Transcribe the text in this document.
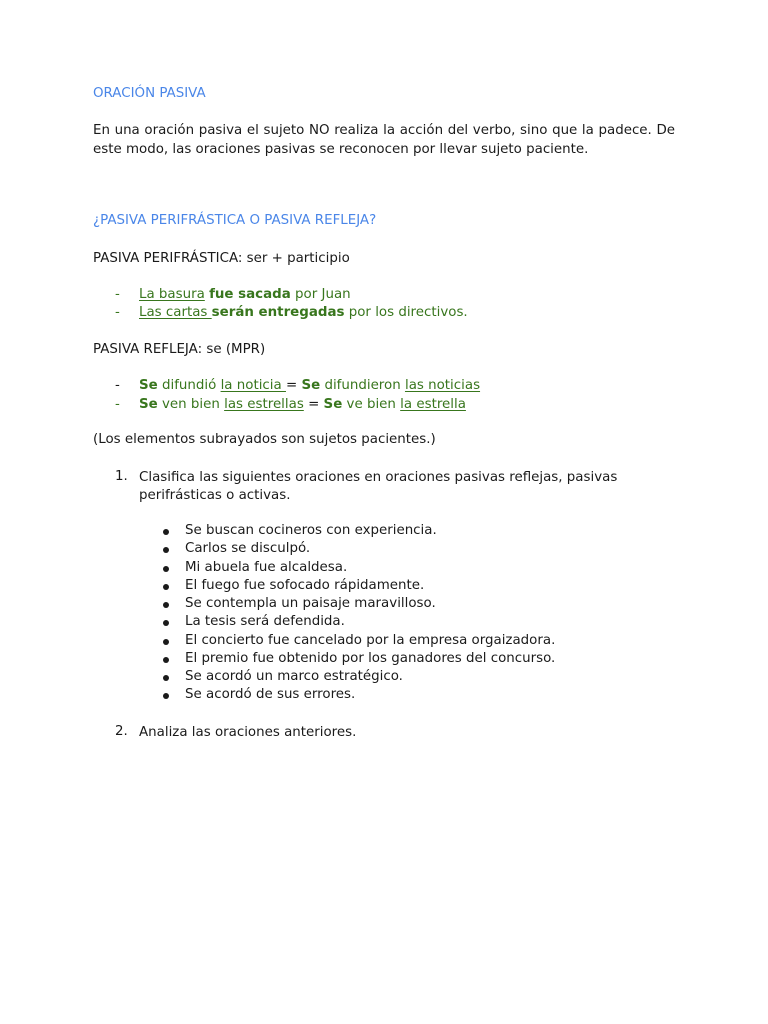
ORACIÓN PASIVA

En una oración pasiva el sujeto NO realiza la acción del verbo, sino que la padece. De este modo, las oraciones pasivas se reconocen por llevar sujeto paciente.

¿PASIVA PERIFRÁSTICA O PASIVA REFLEJA?

PASIVA PERIFRÁSTICA: ser + participio

- La basura fue sacada por Juan
- Las cartas serán entregadas por los directivos.

PASIVA REFLEJA: se (MPR)

- Se difundió la noticia = Se difundieron las noticias
- Se ven bien las estrellas = Se ve bien la estrella

(Los elementos subrayados son sujetos pacientes.)

1. Clasifica las siguientes oraciones en oraciones pasivas reflejas, pasivas perifrásticas o activas.
Se buscan cocineros con experiencia.
Carlos se disculpó.
Mi abuela fue alcaldesa.
El fuego fue sofocado rápidamente.
Se contempla un paisaje maravilloso.
La tesis será defendida.
El concierto fue cancelado por la empresa orgaizadora.
El premio fue obtenido por los ganadores del concurso.
Se acordó un marco estratégico.
Se acordó de sus errores.
2. Analiza las oraciones anteriores.
